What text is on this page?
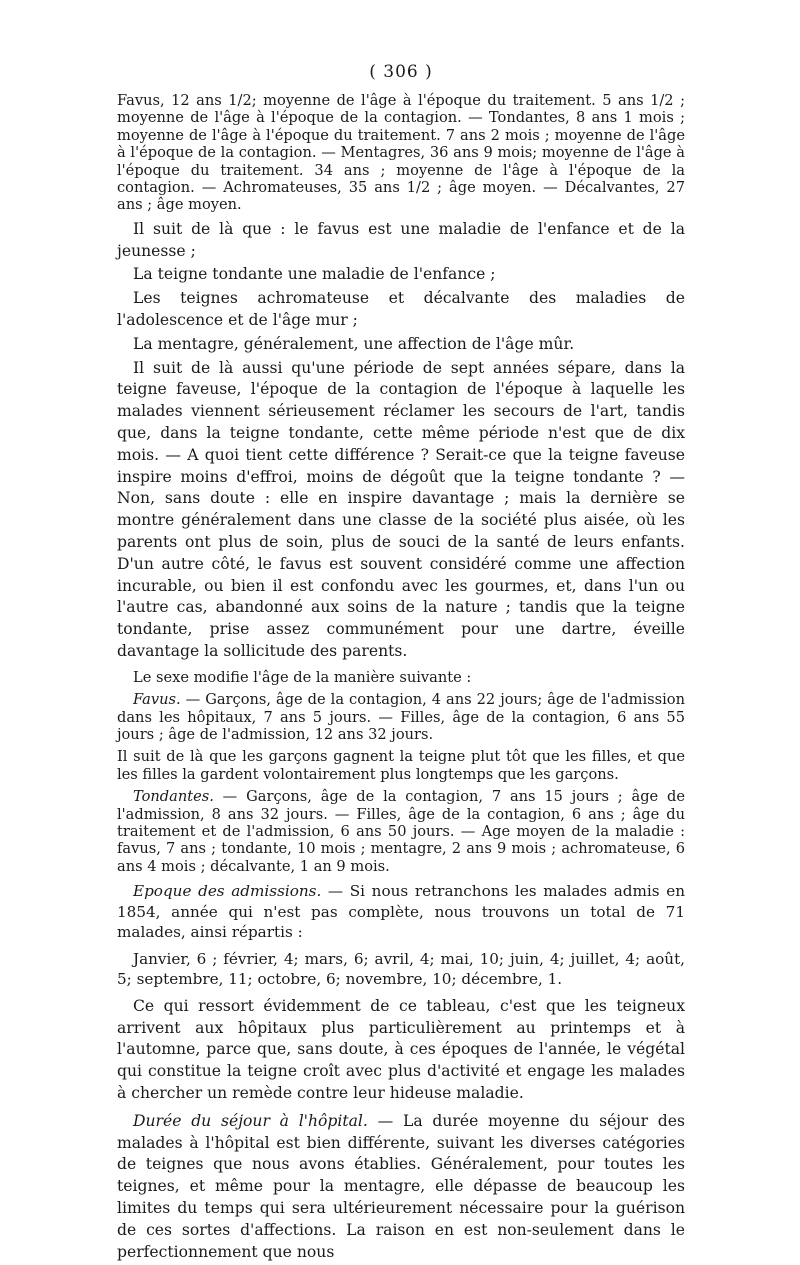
( 306 )

Favus, 12 ans 1/2; moyenne de l'âge à l'époque du traitement. 5 ans 1/2 ; moyenne de l'âge à l'époque de la contagion. — Tondantes, 8 ans 1 mois ; moyenne de l'âge à l'époque du traitement. 7 ans 2 mois ; moyenne de l'âge à l'époque de la contagion. — Mentagres, 36 ans 9 mois; moyenne de l'âge à l'époque du traitement. 34 ans ; moyenne de l'âge à l'époque de la contagion. — Achromateuses, 35 ans 1/2 ; âge moyen. — Décalvantes, 27 ans ; âge moyen.

Il suit de là que : le favus est une maladie de l'enfance et de la jeunesse ;

La teigne tondante une maladie de l'enfance ;

Les teignes achromateuse et décalvante des maladies de l'adolescence et de l'âge mur ;

La mentagre, généralement, une affection de l'âge mûr.

Il suit de là aussi qu'une période de sept années sépare, dans la teigne faveuse, l'époque de la contagion de l'époque à laquelle les malades viennent sérieusement réclamer les secours de l'art, tandis que, dans la teigne tondante, cette même période n'est que de dix mois. — A quoi tient cette différence ? Serait-ce que la teigne faveuse inspire moins d'effroi, moins de dégoût que la teigne tondante ? — Non, sans doute : elle en inspire davantage ; mais la dernière se montre généralement dans une classe de la société plus aisée, où les parents ont plus de soin, plus de souci de la santé de leurs enfants. D'un autre côté, le favus est souvent considéré comme une affection incurable, ou bien il est confondu avec les gourmes, et, dans l'un ou l'autre cas, abandonné aux soins de la nature ; tandis que la teigne tondante, prise assez communément pour une dartre, éveille davantage la sollicitude des parents.

Le sexe modifie l'âge de la manière suivante :

Favus. — Garçons, âge de la contagion, 4 ans 22 jours; âge de l'admission dans les hôpitaux, 7 ans 5 jours. — Filles, âge de la contagion, 6 ans 55 jours ; âge de l'admission, 12 ans 32 jours.

Il suit de là que les garçons gagnent la teigne plut tôt que les filles, et que les filles la gardent volontairement plus longtemps que les garçons.

Tondantes. — Garçons, âge de la contagion, 7 ans 15 jours ; âge de l'admission, 8 ans 32 jours. — Filles, âge de la contagion, 6 ans ; âge du traitement et de l'admission, 6 ans 50 jours. — Age moyen de la maladie : favus, 7 ans ; tondante, 10 mois ; mentagre, 2 ans 9 mois ; achromateuse, 6 ans 4 mois ; décalvante, 1 an 9 mois.

Epoque des admissions. — Si nous retranchons les malades admis en 1854, année qui n'est pas complète, nous trouvons un total de 71 malades, ainsi répartis :

Janvier, 6 ; février, 4; mars, 6; avril, 4; mai, 10; juin, 4; juillet, 4; août, 5; septembre, 11; octobre, 6; novembre, 10; décembre, 1.

Ce qui ressort évidemment de ce tableau, c'est que les teigneux arrivent aux hôpitaux plus particulièrement au printemps et à l'automne, parce que, sans doute, à ces époques de l'année, le végétal qui constitue la teigne croît avec plus d'activité et engage les malades à chercher un remède contre leur hideuse maladie.

Durée du séjour à l'hôpital. — La durée moyenne du séjour des malades à l'hôpital est bien différente, suivant les diverses catégories de teignes que nous avons établies. Généralement, pour toutes les teignes, et même pour la mentagre, elle dépasse de beaucoup les limites du temps qui sera ultérieurement nécessaire pour la guérison de ces sortes d'affections. La raison en est non-seulement dans le perfectionnement que nous
